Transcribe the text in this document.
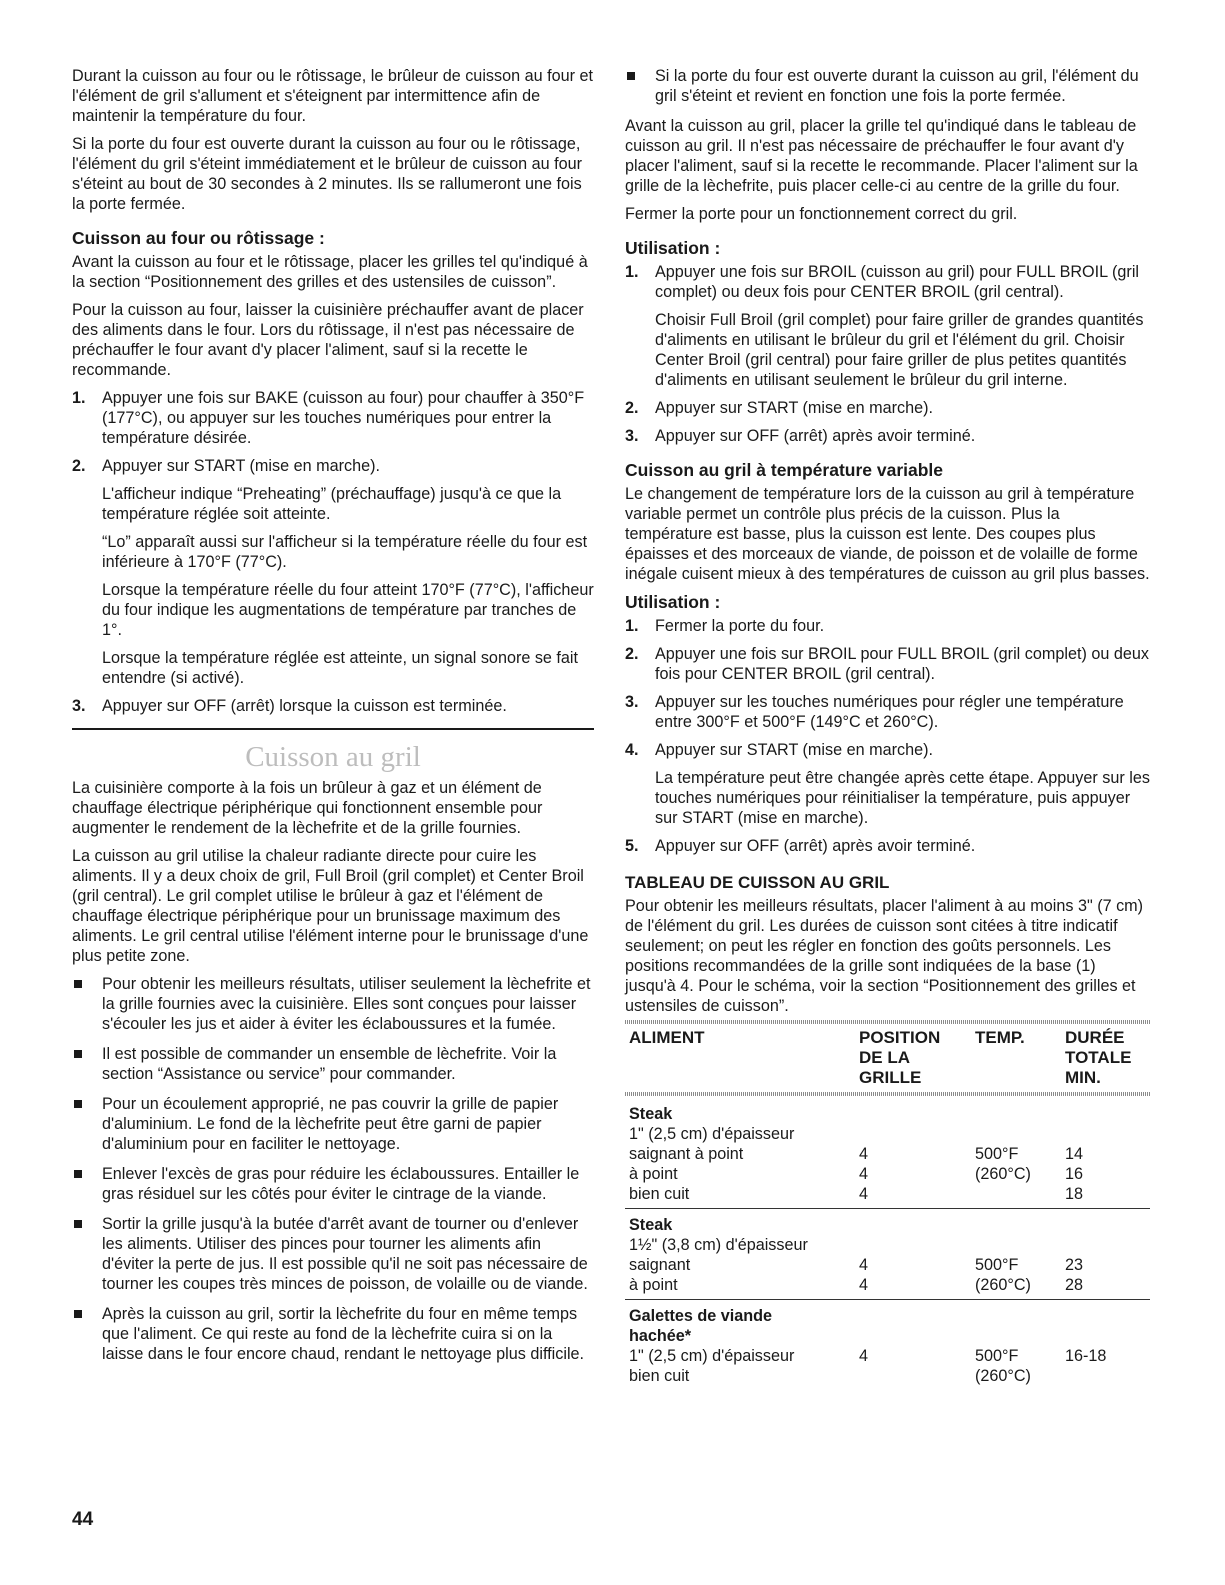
Durant la cuisson au four ou le rôtissage, le brûleur de cuisson au four et l'élément de gril s'allument et s'éteignent par intermittence afin de maintenir la température du four.

Si la porte du four est ouverte durant la cuisson au four ou le rôtissage, l'élément du gril s'éteint immédiatement et le brûleur de cuisson au four s'éteint au bout de 30 secondes à 2 minutes. Ils se rallumeront une fois la porte fermée.

Cuisson au four ou rôtissage :

Avant la cuisson au four et le rôtissage, placer les grilles tel qu'indiqué à la section “Positionnement des grilles et des ustensiles de cuisson”.

Pour la cuisson au four, laisser la cuisinière préchauffer avant de placer des aliments dans le four. Lors du rôtissage, il n'est pas nécessaire de préchauffer le four avant d'y placer l'aliment, sauf si la recette le recommande.

1. Appuyer une fois sur BAKE (cuisson au four) pour chauffer à 350°F (177°C), ou appuyer sur les touches numériques pour entrer la température désirée.

2. Appuyer sur START (mise en marche).

L'afficheur indique “Preheating” (préchauffage) jusqu'à ce que la température réglée soit atteinte.

“Lo” apparaît aussi sur l'afficheur si la température réelle du four est inférieure à 170°F (77°C).

Lorsque la température réelle du four atteint 170°F (77°C), l'afficheur du four indique les augmentations de température par tranches de 1°.

Lorsque la température réglée est atteinte, un signal sonore se fait entendre (si activé).

3. Appuyer sur OFF (arrêt) lorsque la cuisson est terminée.

Cuisson au gril

La cuisinière comporte à la fois un brûleur à gaz et un élément de chauffage électrique périphérique qui fonctionnent ensemble pour augmenter le rendement de la lèchefrite et de la grille fournies.

La cuisson au gril utilise la chaleur radiante directe pour cuire les aliments. Il y a deux choix de gril, Full Broil (gril complet) et Center Broil (gril central). Le gril complet utilise le brûleur à gaz et l'élément de chauffage électrique périphérique pour un brunissage maximum des aliments. Le gril central utilise l'élément interne pour le brunissage d'une plus petite zone.

Pour obtenir les meilleurs résultats, utiliser seulement la lèchefrite et la grille fournies avec la cuisinière. Elles sont conçues pour laisser s'écouler les jus et aider à éviter les éclaboussures et la fumée.
Il est possible de commander un ensemble de lèchefrite. Voir la section “Assistance ou service” pour commander.
Pour un écoulement approprié, ne pas couvrir la grille de papier d'aluminium. Le fond de la lèchefrite peut être garni de papier d'aluminium pour en faciliter le nettoyage.
Enlever l'excès de gras pour réduire les éclaboussures. Entailler le gras résiduel sur les côtés pour éviter le cintrage de la viande.
Sortir la grille jusqu'à la butée d'arrêt avant de tourner ou d'enlever les aliments. Utiliser des pinces pour tourner les aliments afin d'éviter la perte de jus. Il est possible qu'il ne soit pas nécessaire de tourner les coupes très minces de poisson, de volaille ou de viande.
Après la cuisson au gril, sortir la lèchefrite du four en même temps que l'aliment. Ce qui reste au fond de la lèchefrite cuira si on la laisse dans le four encore chaud, rendant le nettoyage plus difficile.
Si la porte du four est ouverte durant la cuisson au gril, l'élément du gril s'éteint et revient en fonction une fois la porte fermée.

Avant la cuisson au gril, placer la grille tel qu'indiqué dans le tableau de cuisson au gril. Il n'est pas nécessaire de préchauffer le four avant d'y placer l'aliment, sauf si la recette le recommande. Placer l'aliment sur la grille de la lèchefrite, puis placer celle-ci au centre de la grille du four.

Fermer la porte pour un fonctionnement correct du gril.

Utilisation :
1. Appuyer une fois sur BROIL (cuisson au gril) pour FULL BROIL (gril complet) ou deux fois pour CENTER BROIL (gril central).

Choisir Full Broil (gril complet) pour faire griller de grandes quantités d'aliments en utilisant le brûleur du gril et l'élément du gril. Choisir Center Broil (gril central) pour faire griller de plus petites quantités d'aliments en utilisant seulement le brûleur du gril interne.

2. Appuyer sur START (mise en marche).

3. Appuyer sur OFF (arrêt) après avoir terminé.

Cuisson au gril à température variable

Le changement de température lors de la cuisson au gril à température variable permet un contrôle plus précis de la cuisson. Plus la température est basse, plus la cuisson est lente. Des coupes plus épaisses et des morceaux de viande, de poisson et de volaille de forme inégale cuisent mieux à des températures de cuisson au gril plus basses.

Utilisation :
1. Fermer la porte du four.

2. Appuyer une fois sur BROIL pour FULL BROIL (gril complet) ou deux fois pour CENTER BROIL (gril central).

3. Appuyer sur les touches numériques pour régler une température entre 300°F et 500°F (149°C et 260°C).

4. Appuyer sur START (mise en marche).

La température peut être changée après cette étape. Appuyer sur les touches numériques pour réinitialiser la température, puis appuyer sur START (mise en marche).

5. Appuyer sur OFF (arrêt) après avoir terminé.

TABLEAU DE CUISSON AU GRIL

Pour obtenir les meilleurs résultats, placer l'aliment à au moins 3" (7 cm) de l'élément du gril. Les durées de cuisson sont citées à titre indicatif seulement; on peut les régler en fonction des goûts personnels. Les positions recommandées de la grille sont indiquées de la base (1) jusqu'à 4. Pour le schéma, voir la section “Positionnement des grilles et ustensiles de cuisson”.

ALIMENT	POSITION
DE LA
GRILLE	TEMP.	DURÉE
TOTALE
MIN.
Steak
1" (2,5 cm) d'épaisseur			

saignant à point	4	500°F	14
à point	4	(260°C)	16
bien cuit	4		18

Steak
1½" (3,8 cm) d'épaisseur			

saignant	4	500°F	23
à point	4	(260°C)	28

Galettes de viande
hachée*			

1" (2,5 cm) d'épaisseur	4	500°F	16-18
bien cuit		(260°C)	
44
